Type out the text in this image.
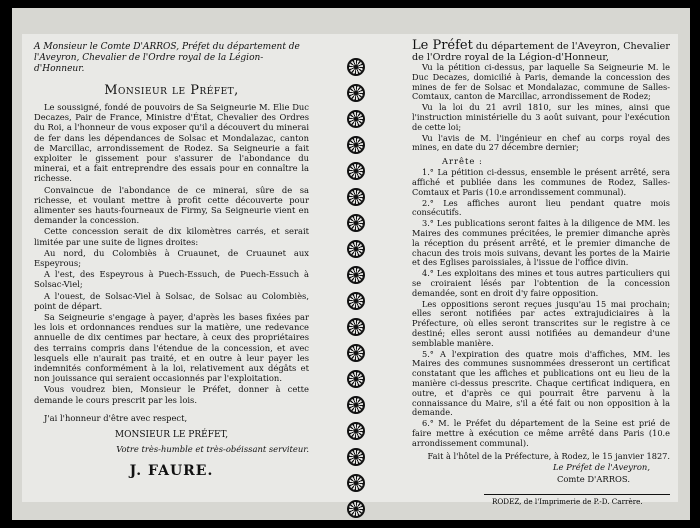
A Monsieur le Comte D'ARROS, Préfet du département de l'Aveyron, Chevalier de l'Ordre royal de la Légion-d'Honneur.

Monsieur le Préfet,

Le soussigné, fondé de pouvoirs de Sa Seigneurie M. Elie Duc Decazes, Pair de France, Ministre d'État, Chevalier des Ordres du Roi, a l'honneur de vous exposer qu'il a découvert du minerai de fer dans les dépendances de Solsac et Mondalazac, canton de Marcillac, arrondissement de Rodez. Sa Seigneurie a fait exploiter le gissement pour s'assurer de l'abondance du minerai, et a fait entreprendre des essais pour en connaître la richesse.

Convaincue de l'abondance de ce minerai, sûre de sa richesse, et voulant mettre à profit cette découverte pour alimenter ses hauts-fourneaux de Firmy, Sa Seigneurie vient en demander la concession.

Cette concession serait de dix kilomètres carrés, et serait limitée par une suite de lignes droites:

Au nord, du Colombiès à Cruaunet, de Cruaunet aux Espeyrous;

A l'est, des Espeyrous à Puech-Essuch, de Puech-Essuch à Solsac-Viel;

A l'ouest, de Solsac-Viel à Solsac, de Solsac au Colombiès, point de départ.

Sa Seigneurie s'engage à payer, d'après les bases fixées par les lois et ordonnances rendues sur la matière, une redevance annuelle de dix centimes par hectare, à ceux des propriétaires des terrains compris dans l'étendue de la concession, et avec lesquels elle n'aurait pas traité, et en outre à leur payer les indemnités conformément à la loi, relativement aux dégâts et non jouissance qui seraient occasionnés par l'exploitation.

Vous voudrez bien, Monsieur le Préfet, donner à cette demande le cours prescrit par les lois.

J'ai l'honneur d'être avec respect,

MONSIEUR LE PRÉFET,

Votre très-humble et très-obéissant serviteur.

J. FAURE.

Le Préfet du département de l'Aveyron, Chevalier de l'Ordre royal de la Légion-d'Honneur,

Vu la pétition ci-dessus, par laquelle Sa Seigneurie M. le Duc Decazes, domicilié à Paris, demande la concession des mines de fer de Solsac et Mondalazac, commune de Salles-Comtaux, canton de Marcillac, arrondissement de Rodez;

Vu la loi du 21 avril 1810, sur les mines, ainsi que l'instruction ministérielle du 3 août suivant, pour l'exécution de cette loi;

Vu l'avis de M. l'ingénieur en chef au corps royal des mines, en date du 27 décembre dernier;

Arrête :

1.° La pétition ci-dessus, ensemble le présent arrêté, sera affiché et publiée dans les communes de Rodez, Salles-Comtaux et Paris (10.e arrondissement communal).

2.° Les affiches auront lieu pendant quatre mois consécutifs.

3.° Les publications seront faites à la diligence de MM. les Maires des communes précitées, le premier dimanche après la réception du présent arrêté, et le premier dimanche de chacun des trois mois suivans, devant les portes de la Mairie et des Eglises paroissiales, à l'issue de l'office divin.

4.° Les exploitans des mines et tous autres particuliers qui se croiraient lésés par l'obtention de la concession demandée, sont en droit d'y faire opposition.

Les oppositions seront reçues jusqu'au 15 mai prochain; elles seront notifiées par actes extrajudiciaires à la Préfecture, où elles seront transcrites sur le registre à ce destiné; elles seront aussi notifiées au demandeur d'une semblable manière.

5.° A l'expiration des quatre mois d'affiches, MM. les Maires des communes susnommées dresseront un certificat constatant que les affiches et publications ont eu lieu de la manière ci-dessus prescrite. Chaque certificat indiquera, en outre, et d'après ce qui pourrait être parvenu à la connaissance du Maire, s'il a été fait ou non opposition à la demande.

6.° M. le Préfet du département de la Seine est prié de faire mettre à exécution ce même arrêté dans Paris (10.e arrondissement communal).

Fait à l'hôtel de la Préfecture, à Rodez, le 15 janvier 1827.

Le Préfet de l'Aveyron,

Comte D'ARROS.

RODEZ, de l'Imprimerie de P.-D. Carrère.
